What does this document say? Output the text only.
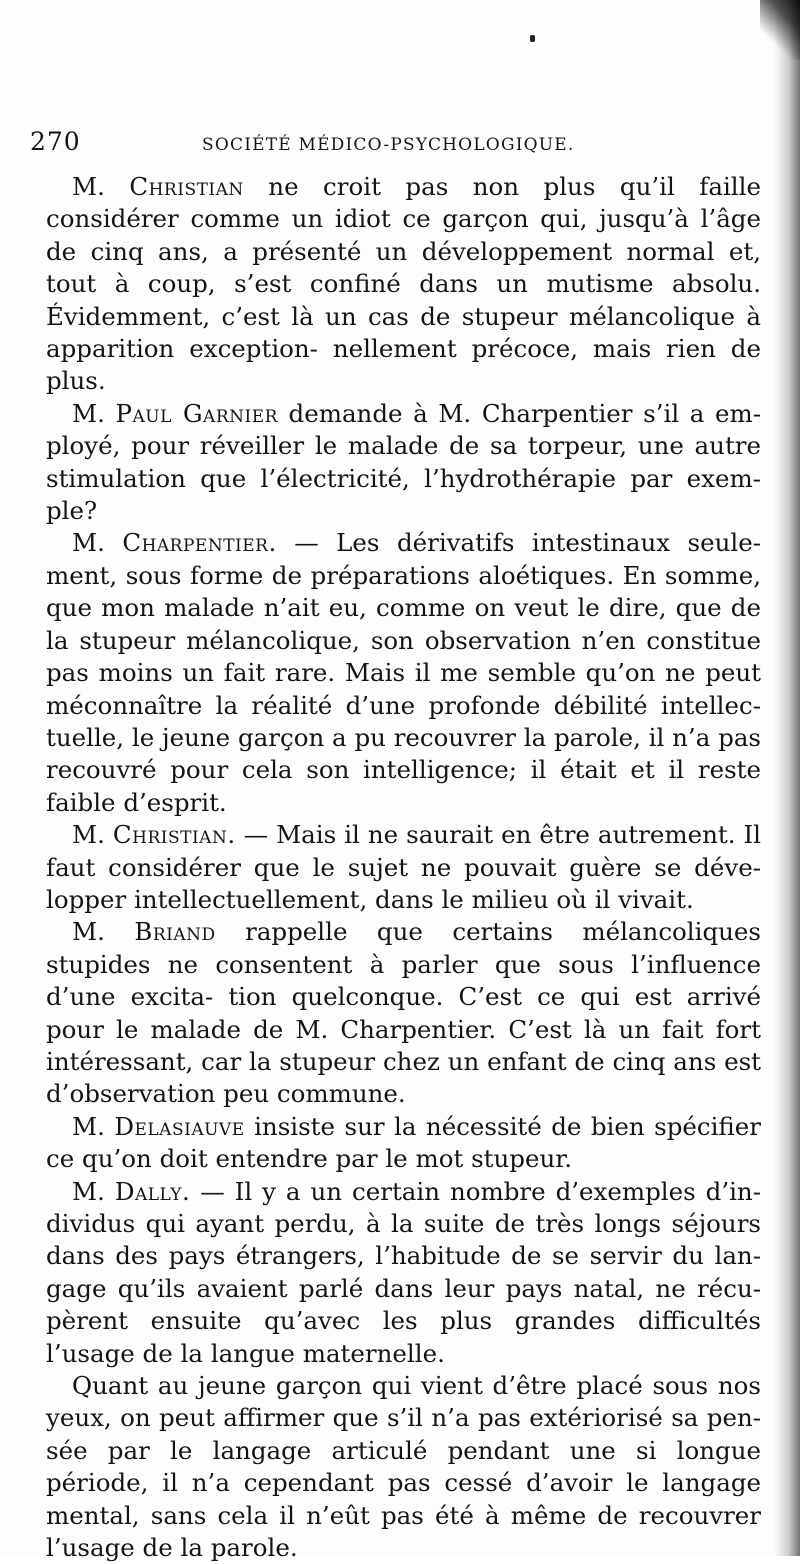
270	SOCIÉTÉ MÉDICO-PSYCHOLOGIQUE.

M. Christian ne croit pas non plus qu’il faille considérer comme un idiot ce garçon qui, jusqu’à l’âge de cinq ans, a présenté un développement normal et, tout à coup, s’est confiné dans un mutisme absolu. Évidemment, c’est là un cas de stupeur mélancolique à apparition exception- nellement précoce, mais rien de plus.

M. Paul Garnier demande à M. Charpentier s’il a em- ployé, pour réveiller le malade de sa torpeur, une autre stimulation que l’électricité, l’hydrothérapie par exem- ple?

M. Charpentier. — Les dérivatifs intestinaux seule- ment, sous forme de préparations aloétiques. En somme, que mon malade n’ait eu, comme on veut le dire, que de la stupeur mélancolique, son observation n’en constitue pas moins un fait rare. Mais il me semble qu’on ne peut méconnaître la réalité d’une profonde débilité intellec- tuelle, le jeune garçon a pu recouvrer la parole, il n’a pas recouvré pour cela son intelligence; il était et il reste faible d’esprit.

M. Christian. — Mais il ne saurait en être autrement. Il faut considérer que le sujet ne pouvait guère se déve- lopper intellectuellement, dans le milieu où il vivait.

M. Briand rappelle que certains mélancoliques stupides ne consentent à parler que sous l’influence d’une excita- tion quelconque. C’est ce qui est arrivé pour le malade de M. Charpentier. C’est là un fait fort intéressant, car la stupeur chez un enfant de cinq ans est d’observation peu commune.

M. Delasiauve insiste sur la nécessité de bien spécifier ce qu’on doit entendre par le mot stupeur.

M. Dally. — Il y a un certain nombre d’exemples d’in- dividus qui ayant perdu, à la suite de très longs séjours dans des pays étrangers, l’habitude de se servir du lan- gage qu’ils avaient parlé dans leur pays natal, ne récu- pèrent ensuite qu’avec les plus grandes difficultés l’usage de la langue maternelle.

Quant au jeune garçon qui vient d’être placé sous nos yeux, on peut affirmer que s’il n’a pas extériorisé sa pen- sée par le langage articulé pendant une si longue période, il n’a cependant pas cessé d’avoir le langage mental, sans cela il n’eût pas été à même de recouvrer l’usage de la parole.
